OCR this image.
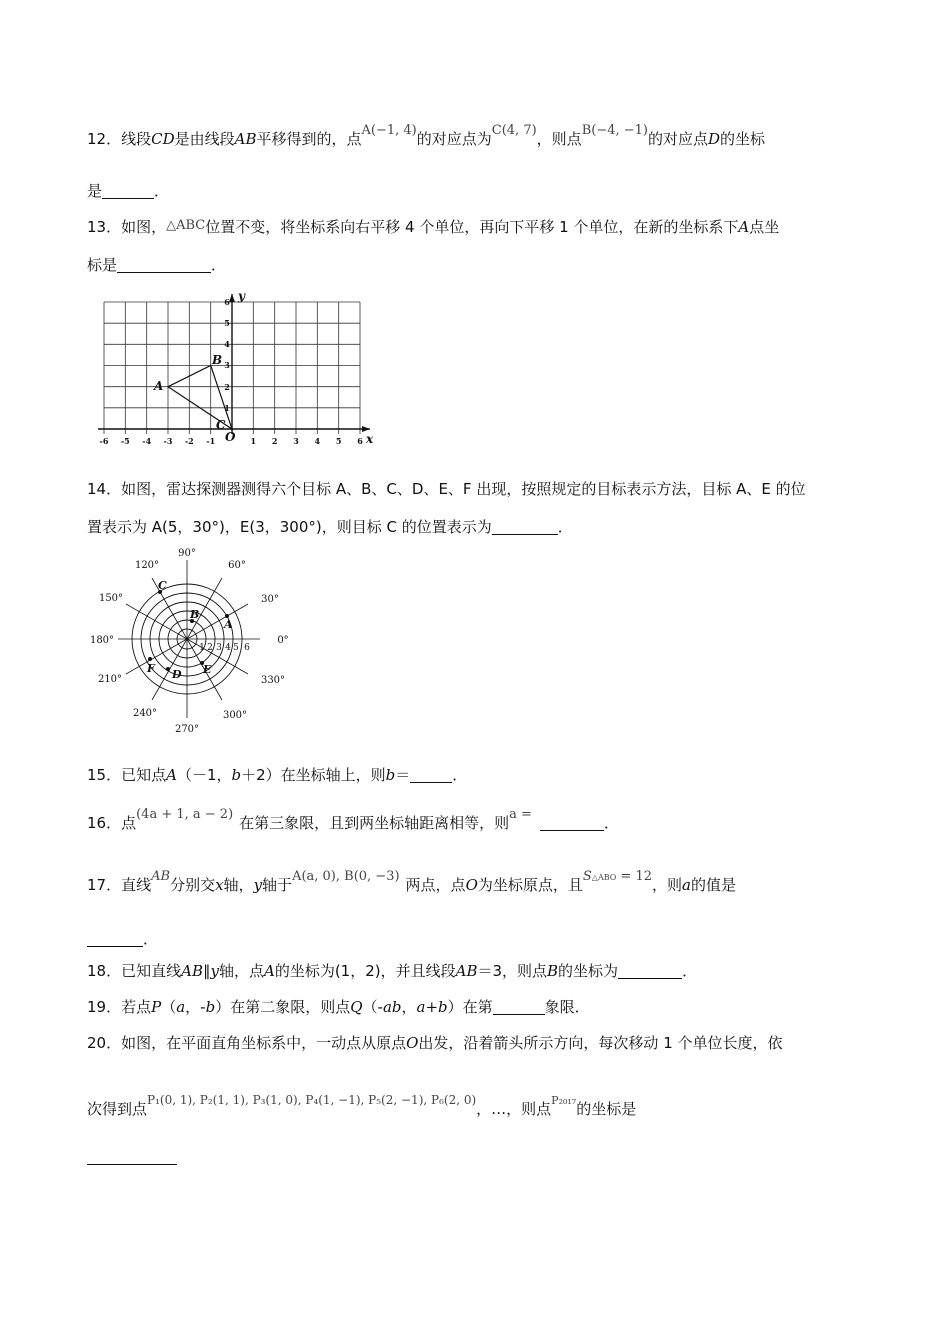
12．线段CD是由线段AB平移得到的，点A(−1, 4)的对应点为C(4, 7)，则点B(−4, −1)的对应点D的坐标
是	．
13．如图，△ABC位置不变，将坐标系向右平移 4 个单位，再向下平移 1 个单位，在新的坐标系下A点坐
标是	．
-6 -5 -4 -3 -2 -1	1 2 3 4 5 6
6
5
4
3
2
1
O	x
y
A
B
C
14．如图，雷达探测器测得六个目标 A、B、C、D、E、F 出现，按照规定的目标表示方法，目标 A、E 的位
置表示为 A(5，30°)，E(3，300°)，则目标 C 的位置表示为	．
90°
60°
30°
0°
330°
300°
270°
240°
210°
180°
150°
120°
1 2 3 4 5 6
A
B
C
D E
F
15．已知点A（－1，b＋2）在坐标轴上，则b＝	．
16．点(4a + 1, a − 2) 在第三象限，且到两坐标轴距离相等，则a =	．
17．直线AB分别交x轴，y轴于A(a, 0), B(0, −3) 两点，点O为坐标原点，且S△ABO = 12，则a的值是
．
18．已知直线AB∥y轴，点A的坐标为(1，2)，并且线段AB＝3，则点B的坐标为	．
19．若点P（a，-b）在第二象限，则点Q（-ab，a+b）在第	象限．
20．如图，在平面直角坐标系中，一动点从原点O出发，沿着箭头所示方向，每次移动 1 个单位长度，依
次得到点$^{P_1(0, 1), P_2(1, 1), P_3(1, 0), P_4(1, -1), P_5(2, -1), P_6(2, 0)}$，…，则点$^{P_{2017}}$的坐标是
